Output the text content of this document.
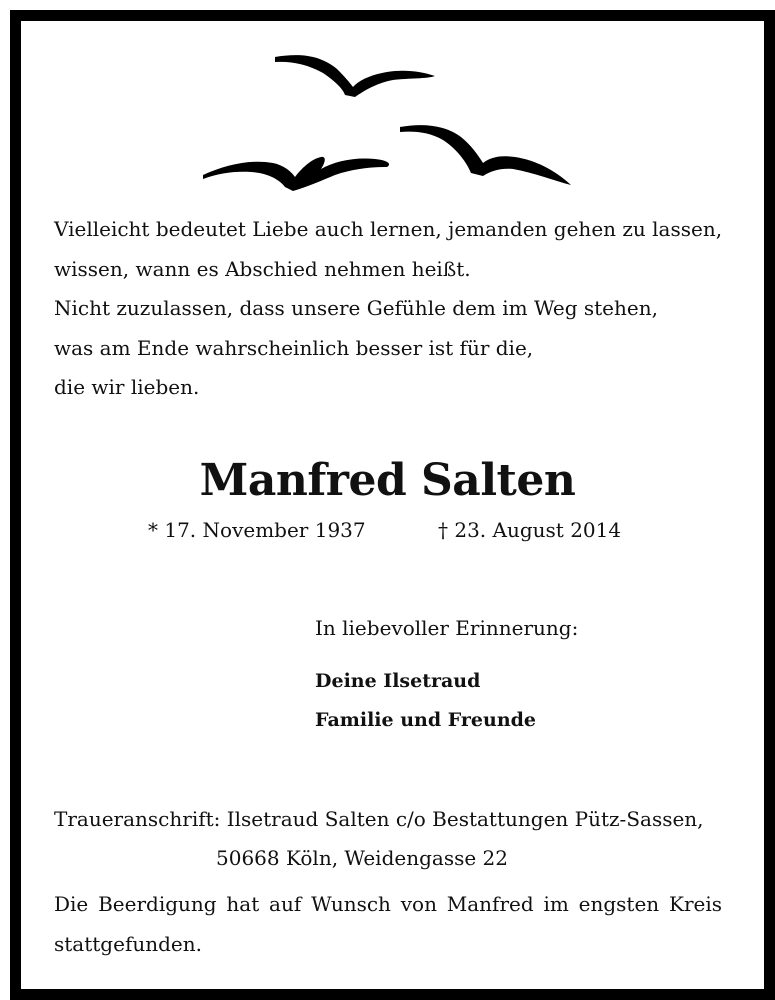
Vielleicht bedeutet Liebe auch lernen, jemanden gehen zu lassen,
wissen, wann es Abschied nehmen heißt.
Nicht zuzulassen, dass unsere Gefühle dem im Weg stehen,
was am Ende wahrscheinlich besser ist für die,
die wir lieben.
Manfred Salten
* 17. November 1937	† 23. August 2014
In liebevoller Erinnerung:
Deine Ilsetraud
Familie und Freunde
Traueranschrift: Ilsetraud Salten c/o Bestattungen Pütz-Sassen,
50668 Köln, Weidengasse 22
Die Beerdigung hat auf Wunsch von Manfred im engsten Kreis stattgefunden.
